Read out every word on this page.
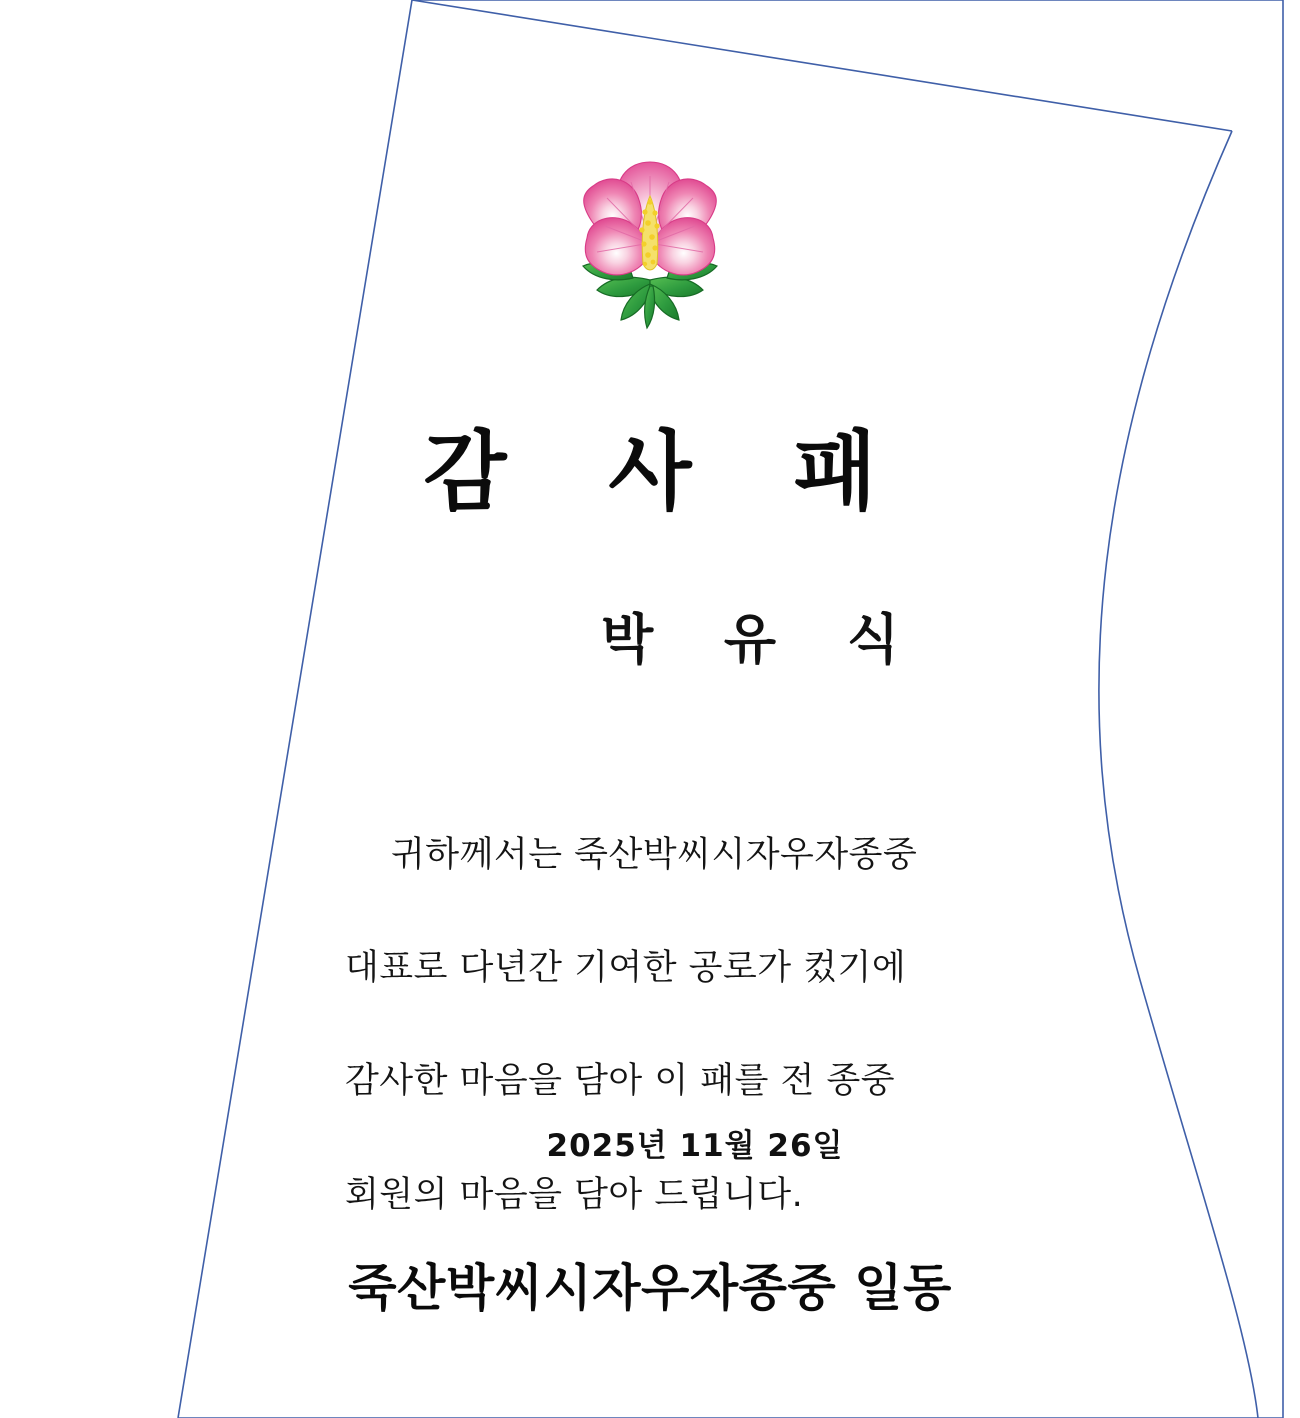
감 사 패
박 유 식

귀하께서는 죽산박씨시자우자종중

대표로 다년간 기여한 공로가 컸기에

감사한 마음을 담아 이 패를 전 종중

회원의 마음을 담아 드립니다.

2025년 11월 26일
죽산박씨시자우자종중 일동
